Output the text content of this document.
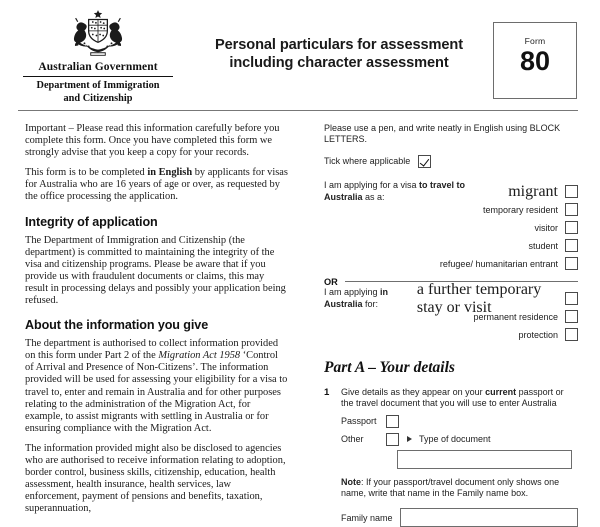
Australian Government
Department of Immigration
and Citizenship
Personal particulars for assessment
including character assessment
Form
80

Important – Please read this information carefully before you complete this form. Once you have completed this form we strongly advise that you keep a copy for your records.

This form is to be completed in English by applicants for visas for Australia who are 16 years of age or over, as requested by the office processing the application.

Integrity of application

The Department of Immigration and Citizenship (the department) is committed to maintaining the integrity of the visa and citizenship programs. Please be aware that if you provide us with fraudulent documents or claims, this may result in processing delays and possibly your application being refused.

About the information you give

The department is authorised to collect information provided on this form under Part 2 of the Migration Act 1958 ‘Control of Arrival and Presence of Non-Citizens’. The information provided will be used for assessing your eligibility for a visa to travel to, enter and remain in Australia and for other purposes relating to the administration of the Migration Act, for example, to assist migrants with settling in Australia or for ensuring compliance with the Migration Act.

The information provided might also be disclosed to agencies who are authorised to receive information relating to adoption, border control, business skills, citizenship, education, health assessment, health insurance, health services, law enforcement, payment of pensions and benefits, taxation, superannuation,

Please use a pen, and write neatly in English using BLOCK LETTERS.

Tick where applicable
I am applying for a visa to travel to Australia as a:	migrant
temporary resident
visitor
student
refugee/ humanitarian entrant
OR
I am applying in Australia for:
a further temporary stay or visit
permanent residence
protection
Part A – Your details
1	Give details as they appear on your current passport or the travel document that you will use to enter Australia

Passport
Other	Type of document

Note: If your passport/travel document only shows one name, write that name in the Family name box.

Family name
